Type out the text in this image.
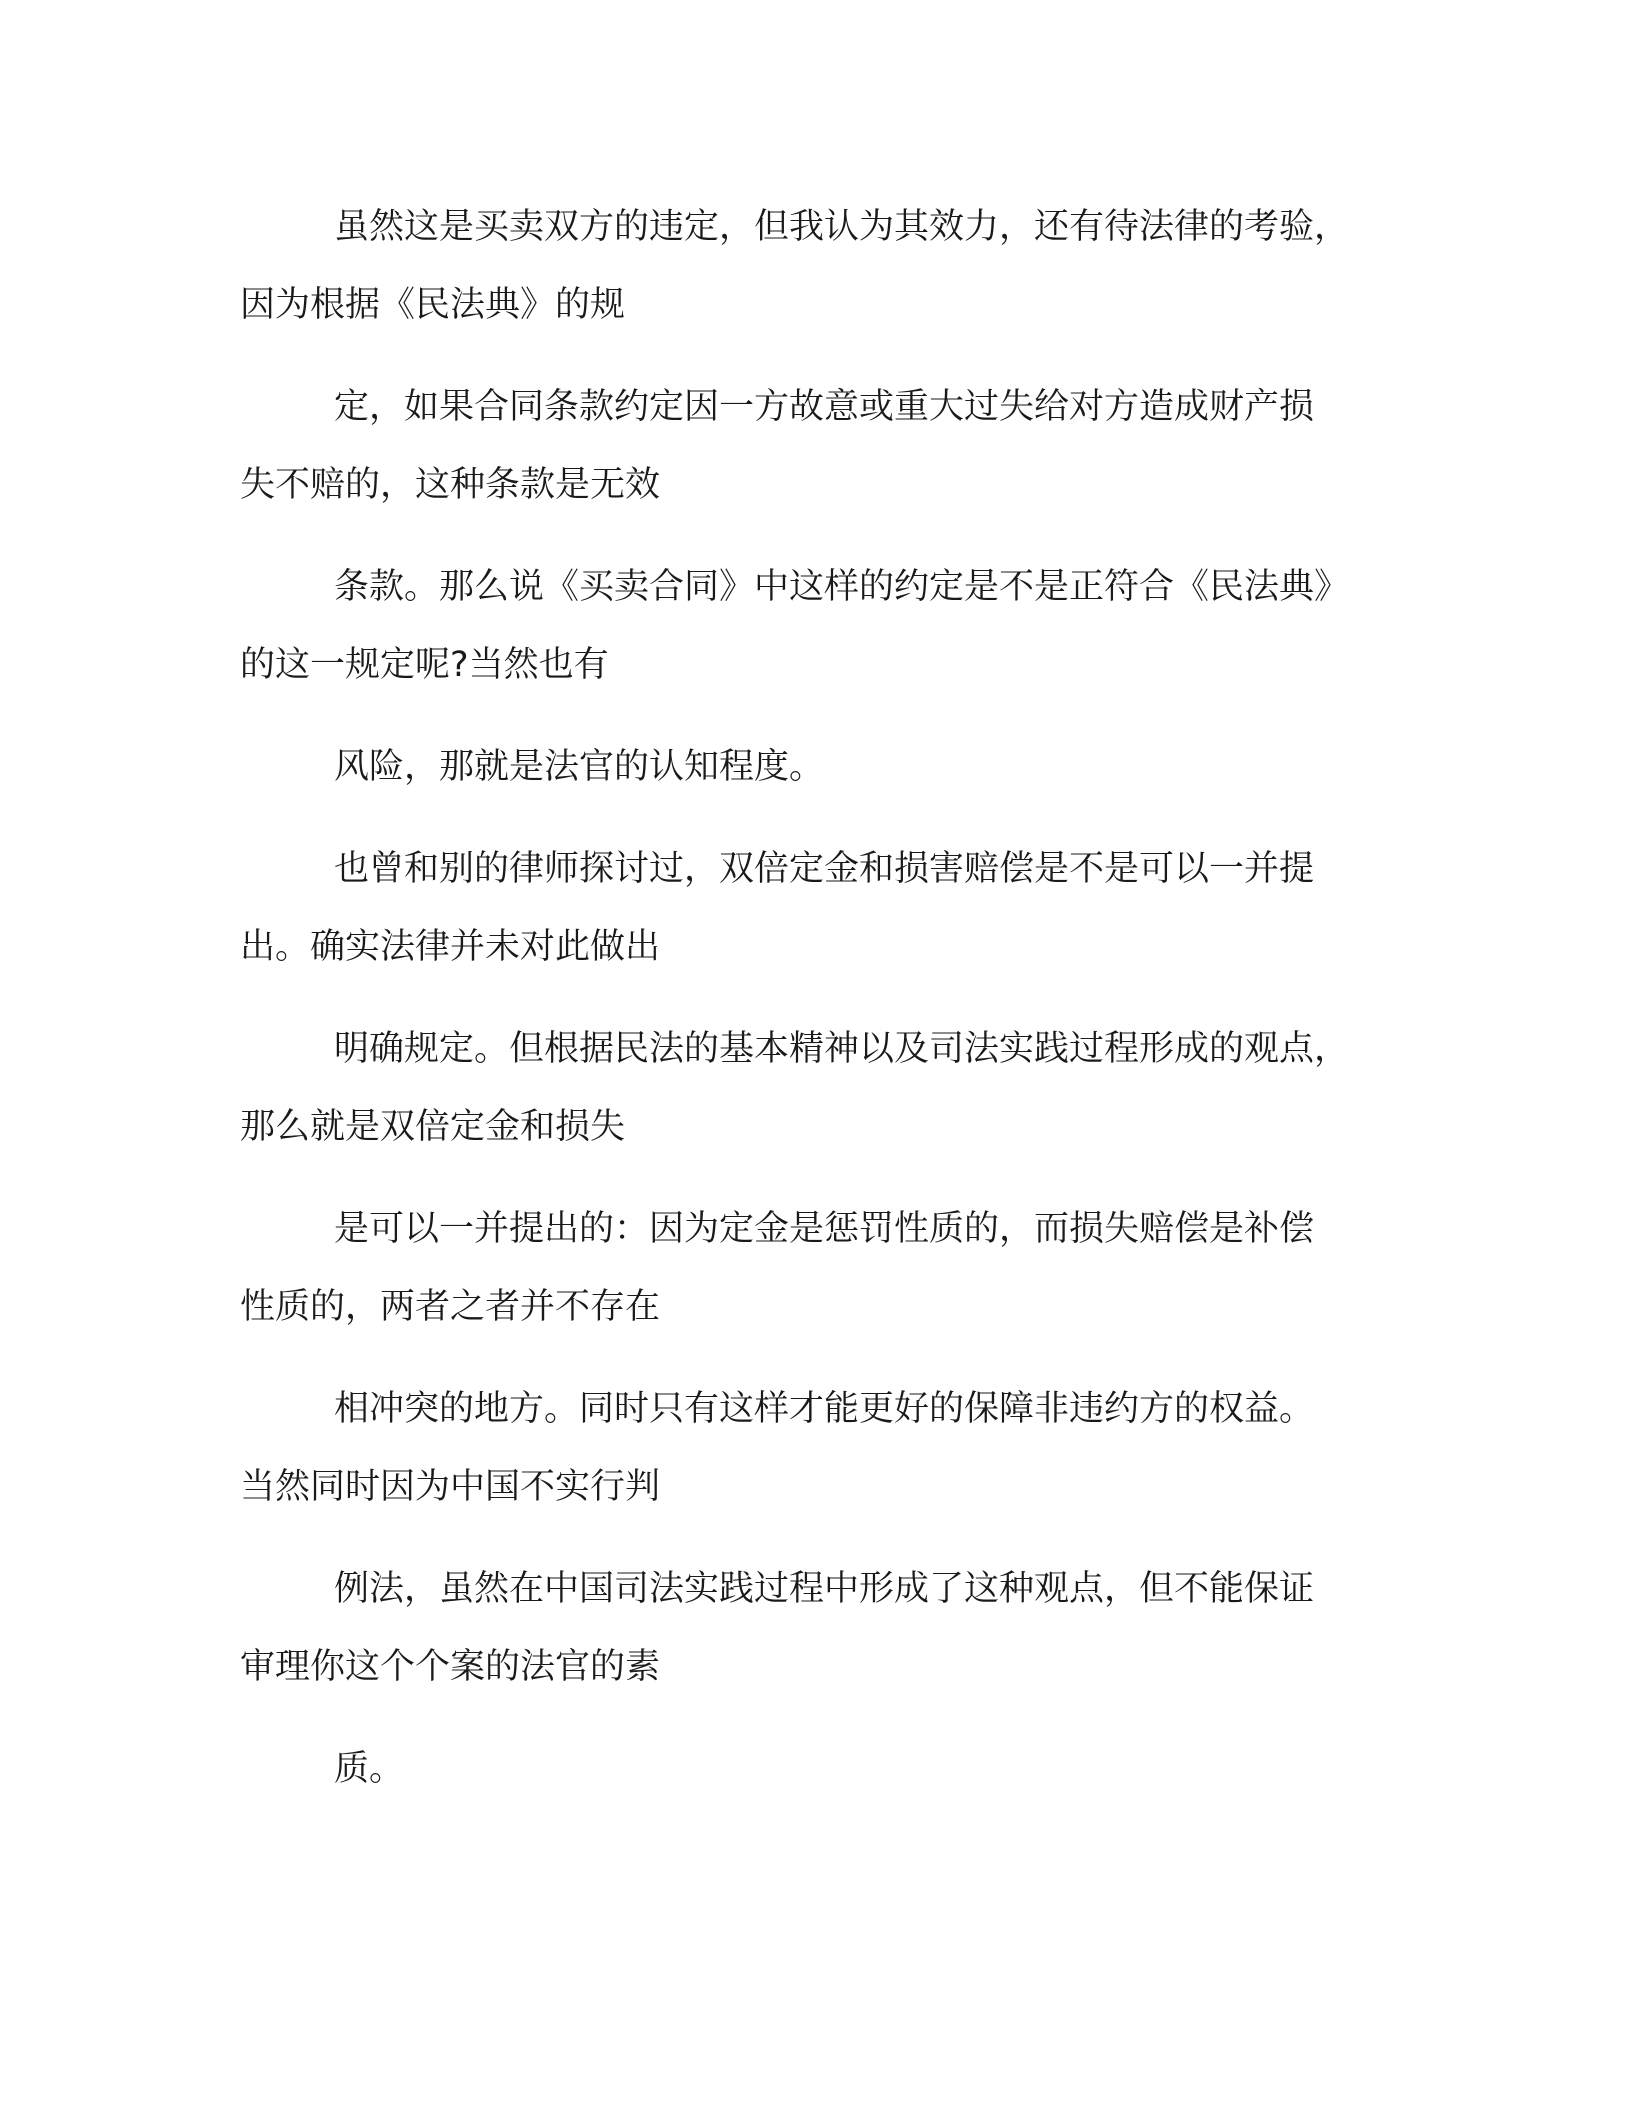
虽然这是买卖双方的违定，但我认为其效力，还有待法律的考验，
因为根据《民法典》的规
定，如果合同条款约定因一方故意或重大过失给对方造成财产损
失不赔的，这种条款是无效
条款。那么说《买卖合同》中这样的约定是不是正符合《民法典》
的这一规定呢?当然也有
风险，那就是法官的认知程度。
也曾和别的律师探讨过，双倍定金和损害赔偿是不是可以一并提
出。确实法律并未对此做出
明确规定。但根据民法的基本精神以及司法实践过程形成的观点，
那么就是双倍定金和损失
是可以一并提出的：因为定金是惩罚性质的，而损失赔偿是补偿
性质的，两者之者并不存在
相冲突的地方。同时只有这样才能更好的保障非违约方的权益。
当然同时因为中国不实行判
例法，虽然在中国司法实践过程中形成了这种观点，但不能保证
审理你这个个案的法官的素
质。
